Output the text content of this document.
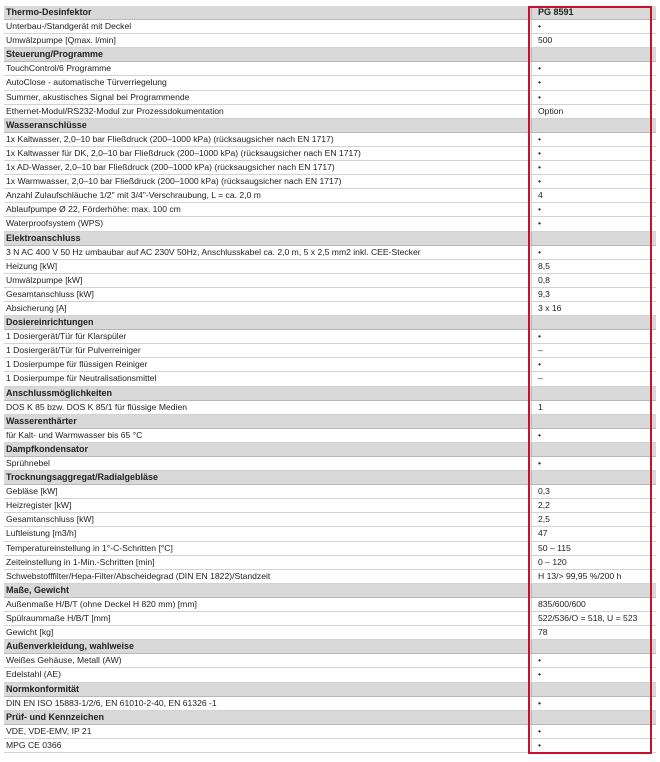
Thermo-Desinfektor	PG 8591
Unterbau-/Standgerät mit Deckel	•
Umwälzpumpe [Qmax. l/min]	500
Steuerung/Programme
TouchControl/6 Programme	•
AutoClose - automatische Türverriegelung	•
Summer, akustisches Signal bei Programmende	•
Ethernet-Modul/RS232-Modul zur Prozessdokumentation	Option
Wasseranschlüsse
1x Kaltwasser, 2,0–10 bar Fließdruck (200–1000 kPa) (rücksaugsicher nach EN 1717)	•
1x Kaltwasser für DK, 2,0–10 bar Fließdruck (200–1000 kPa) (rücksaugsicher nach EN 1717)	•
1x AD-Wasser, 2,0–10 bar Fließdruck (200–1000 kPa) (rücksaugsicher nach EN 1717)	•
1x Warmwasser, 2,0–10 bar Fließdruck (200–1000 kPa) (rücksaugsicher nach EN 1717)	•
Anzahl Zulaufschläuche 1/2" mit 3/4"-Verschraubung, L = ca. 2,0 m	4
Ablaufpumpe Ø 22, Förderhöhe: max. 100 cm	•
Waterproofsystem (WPS)	•
Elektroanschluss
3 N AC 400 V 50 Hz umbaubar auf AC 230V 50Hz, Anschlusskabel ca. 2,0 m, 5 x 2,5 mm2 inkl. CEE-Stecker	•
Heizung [kW]	8,5
Umwälzpumpe [kW]	0,8
Gesamtanschluss [kW]	9,3
Absicherung [A]	3 x 16
Dosiereinrichtungen
1 Dosiergerät/Tür für Klarspüler	•
1 Dosiergerät/Tür für Pulverreiniger	–
1 Dosierpumpe für flüssigen Reiniger	•
1 Dosierpumpe für Neutralisationsmittel	–
Anschlussmöglichkeiten
DOS K 85 bzw. DOS K 85/1 für flüssige Medien	1
Wasserenthärter
für Kalt- und Warmwasser bis 65 °C	•
Dampfkondensator
Sprühnebel	•
Trocknungsaggregat/Radialgebläse
Gebläse [kW]	0,3
Heizregister [kW]	2,2
Gesamtanschluss [kW]	2,5
Luftleistung [m3/h]	47
Temperatureinstellung in 1°-C-Schritten [°C]	50 – 115
Zeiteinstellung in 1-Min.-Schritten [min]	0 – 120
Schwebstofffilter/Hepa-Filter/Abscheidegrad (DIN EN 1822)/Standzeit	H 13/> 99,95 %/200 h
Maße, Gewicht
Außenmaße H/B/T (ohne Deckel H 820 mm) [mm]	835/600/600
Spülraummaße H/B/T [mm]	522/536/O = 518, U = 523
Gewicht [kg]	78
Außenverkleidung, wahlweise
Weißes Gehäuse, Metall (AW)	•
Edelstahl (AE)	•
Normkonformität
DIN EN ISO 15883-1/2/6, EN 61010-2-40, EN 61326 -1	•
Prüf- und Kennzeichen
VDE, VDE-EMV, IP 21	•
MPG CE 0366	•
